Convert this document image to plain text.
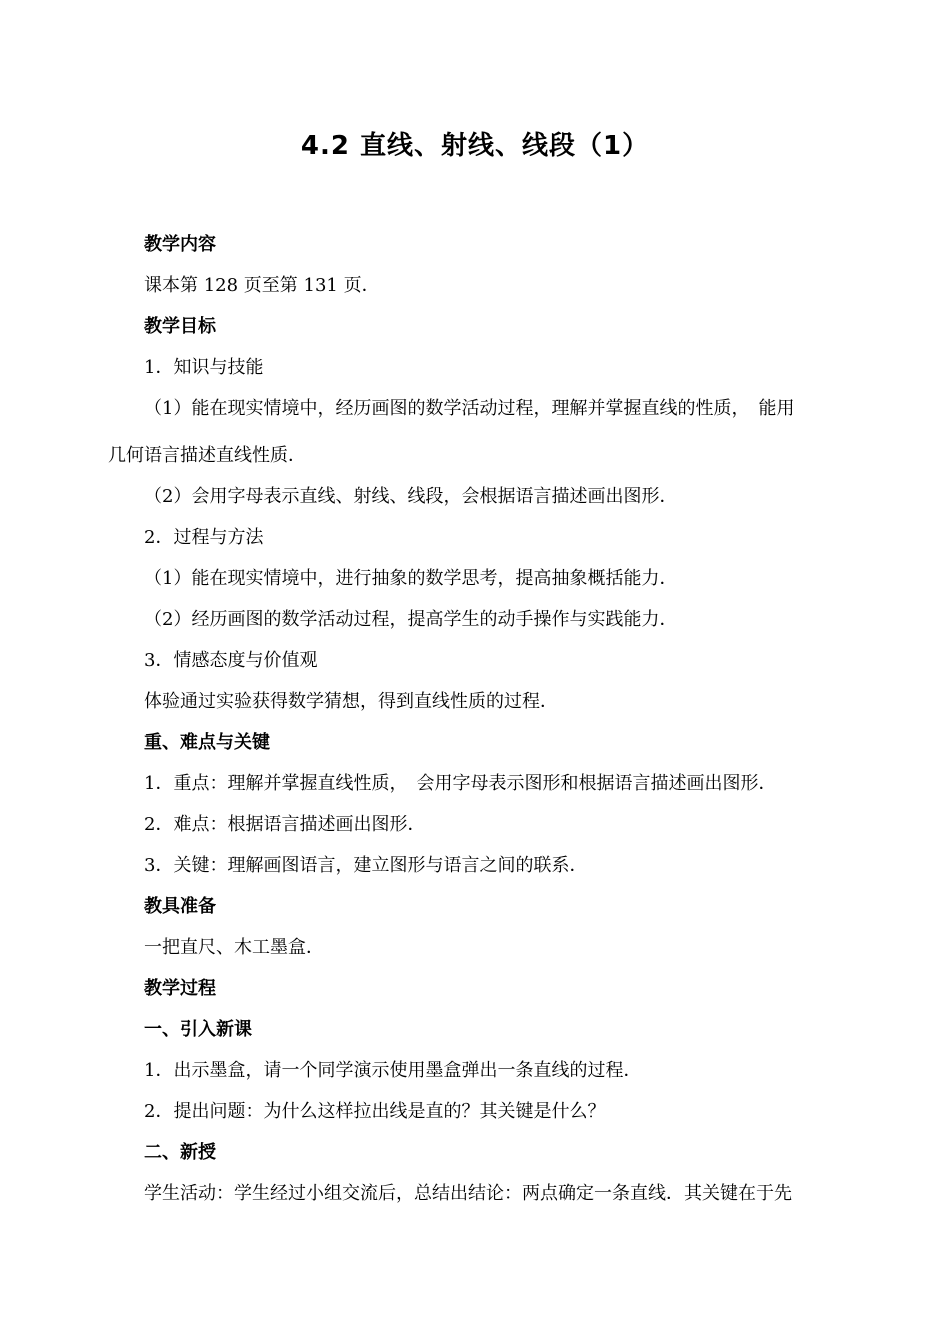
4.2 直线、射线、线段（1）
教学内容
课本第 128 页至第 131 页．
教学目标
1．知识与技能
（1）能在现实情境中，经历画图的数学活动过程，理解并掌握直线的性质，　能用
几何语言描述直线性质．
（2）会用字母表示直线、射线、线段，会根据语言描述画出图形．
2．过程与方法
（1）能在现实情境中，进行抽象的数学思考，提高抽象概括能力．
（2）经历画图的数学活动过程，提高学生的动手操作与实践能力．
3．情感态度与价值观
体验通过实验获得数学猜想，得到直线性质的过程．
重、难点与关键
1．重点：理解并掌握直线性质，　会用字母表示图形和根据语言描述画出图形．
2．难点：根据语言描述画出图形．
3．关键：理解画图语言，建立图形与语言之间的联系．
教具准备
一把直尺、木工墨盒．
教学过程
一、引入新课
1．出示墨盒，请一个同学演示使用墨盒弹出一条直线的过程．
2．提出问题：为什么这样拉出线是直的？其关键是什么？
二、新授
学生活动：学生经过小组交流后，总结出结论：两点确定一条直线．其关键在于先
